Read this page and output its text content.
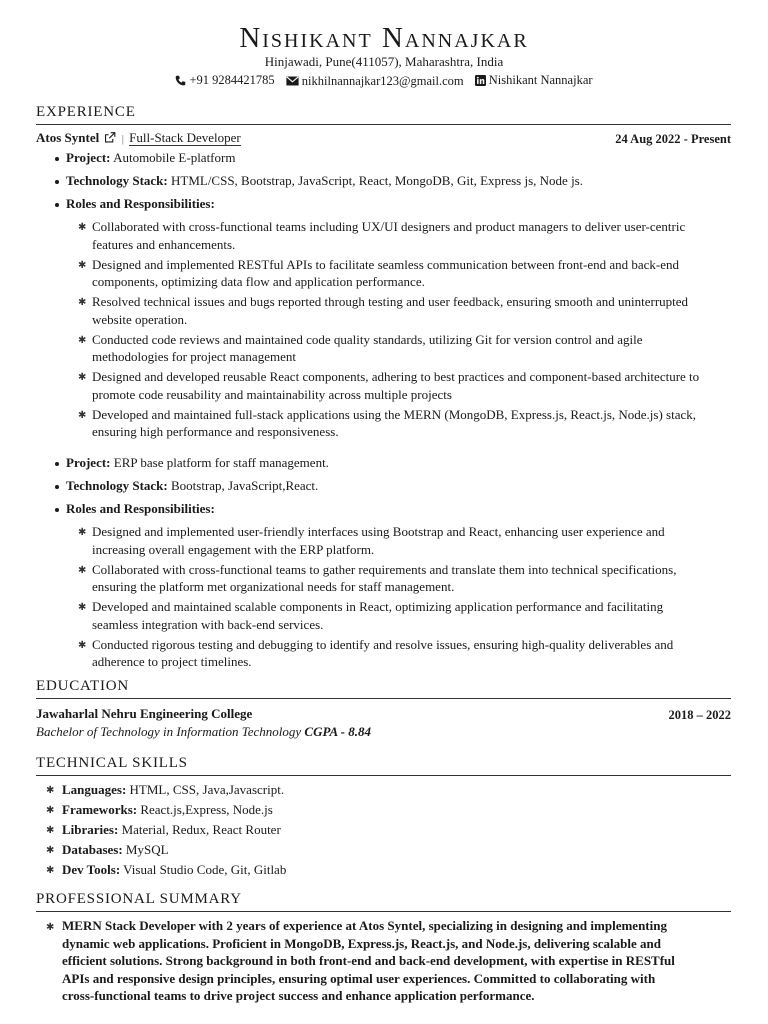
Nishikant Nannajkar
Hinjawadi, Pune(411057), Maharashtra, India
+91 9284421785
nikhilnannajkar123@gmail.com
Nishikant Nannajkar
EXPERIENCE
Atos Syntel | Full-Stack Developer	24 Aug 2022 - Present
Project: Automobile E-platform
Technology Stack: HTML/CSS, Bootstrap, JavaScript, React, MongoDB, Git, Express js, Node js.
Roles and Responsibilities:
✱ Collaborated with cross-functional teams including UX/UI designers and product managers to deliver user-centric
features and enhancements.
✱ Designed and implemented RESTful APIs to facilitate seamless communication between front-end and back-end
components, optimizing data flow and application performance.
✱ Resolved technical issues and bugs reported through testing and user feedback, ensuring smooth and uninterrupted
website operation.
✱ Conducted code reviews and maintained code quality standards, utilizing Git for version control and agile
methodologies for project management
✱ Designed and developed reusable React components, adhering to best practices and component-based architecture to
promote code reusability and maintainability across multiple projects
✱ Developed and maintained full-stack applications using the MERN (MongoDB, Express.js, React.js, Node.js) stack,
ensuring high performance and responsiveness.
Project: ERP base platform for staff management.
Technology Stack: Bootstrap, JavaScript,React.
Roles and Responsibilities:
✱ Designed and implemented user-friendly interfaces using Bootstrap and React, enhancing user experience and
increasing overall engagement with the ERP platform.
✱ Collaborated with cross-functional teams to gather requirements and translate them into technical specifications,
ensuring the platform met organizational needs for staff management.
✱ Developed and maintained scalable components in React, optimizing application performance and facilitating
seamless integration with back-end services.
✱ Conducted rigorous testing and debugging to identify and resolve issues, ensuring high-quality deliverables and
adherence to project timelines.
EDUCATION
Jawaharlal Nehru Engineering College	2018 – 2022
Bachelor of Technology in Information Technology CGPA - 8.84
TECHNICAL SKILLS
✱ Languages: HTML, CSS, Java,Javascript.
✱ Frameworks: React.js,Express, Node.js
✱ Libraries: Material, Redux, React Router
✱ Databases: MySQL
✱ Dev Tools: Visual Studio Code, Git, Gitlab
PROFESSIONAL SUMMARY
✱ MERN Stack Developer with 2 years of experience at Atos Syntel, specializing in designing and implementing
dynamic web applications. Proficient in MongoDB, Express.js, React.js, and Node.js, delivering scalable and
efficient solutions. Strong background in both front-end and back-end development, with expertise in RESTful
APIs and responsive design principles, ensuring optimal user experiences. Committed to collaborating with
cross-functional teams to drive project success and enhance application performance.
